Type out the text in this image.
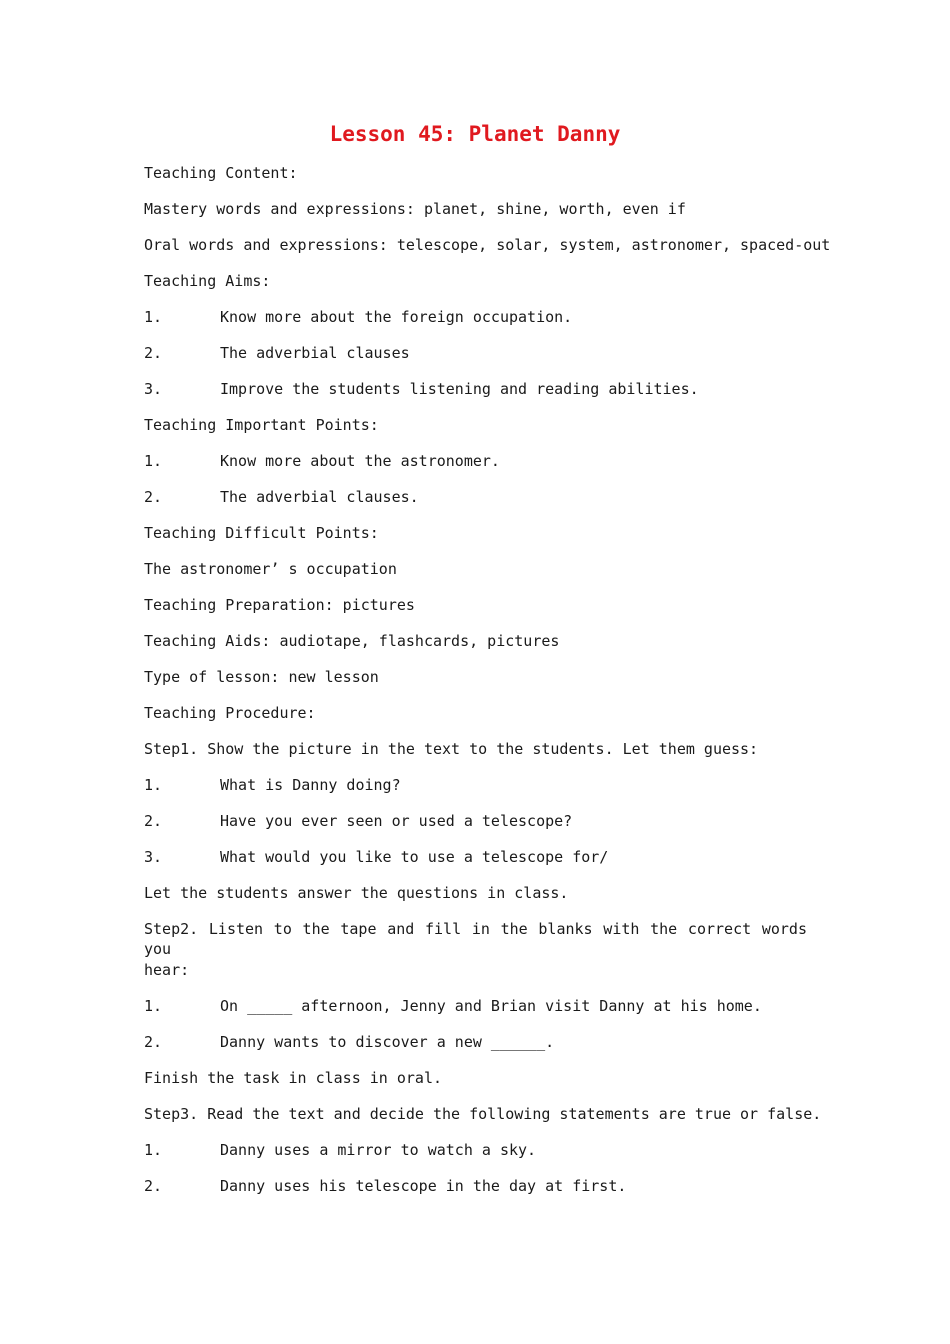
Lesson 45: Planet Danny
Teaching Content:
Mastery words and expressions: planet, shine, worth, even if
Oral words and expressions: telescope, solar, system, astronomer, spaced-out
Teaching Aims:
1.	Know more about the foreign occupation.
2.	The adverbial clauses
3.	Improve the students listening and reading abilities.
Teaching Important Points:
1.	Know more about the astronomer.
2.	The adverbial clauses.
Teaching Difficult Points:
The astronomer’ s occupation
Teaching Preparation: pictures
Teaching Aids: audiotape, flashcards, pictures
Type of lesson: new lesson
Teaching Procedure:
Step1. Show the picture in the text to the students. Let them guess:
1.	What is Danny doing?
2.	Have you ever seen or used a telescope?
3.	What would you like to use a telescope for/
Let the students answer the questions in class.
Step2. Listen to the tape and fill in the blanks with the correct words you
hear:
1.	On _____ afternoon, Jenny and Brian visit Danny at his home.
2.	Danny wants to discover a new ______.
Finish the task in class in oral.
Step3. Read the text and decide the following statements are true or false.
1.	Danny uses a mirror to watch a sky.
2.	Danny uses his telescope in the day at first.
